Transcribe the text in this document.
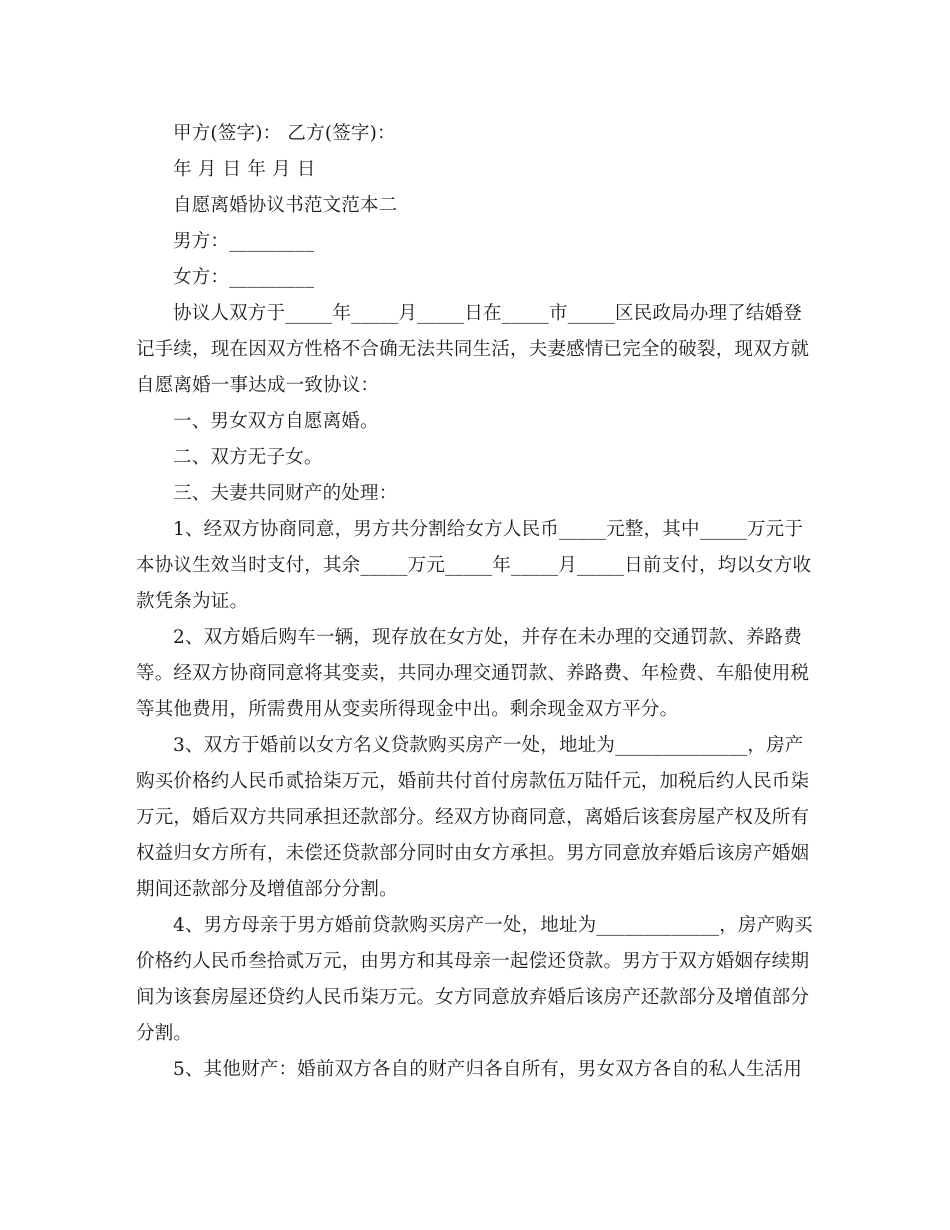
甲方(签字)： 乙方(签字)：

年 月 日 年 月 日

自愿离婚协议书范文范本二

男方：_________

女方：_________

协议人双方于_____年_____月_____日在_____市_____区民政局办理了结婚登记手续，现在因双方性格不合确无法共同生活，夫妻感情已完全的破裂，现双方就自愿离婚一事达成一致协议：

一、男女双方自愿离婚。

二、双方无子女。

三、夫妻共同财产的处理：

1、经双方协商同意，男方共分割给女方人民币_____元整，其中_____万元于本协议生效当时支付，其余_____万元_____年_____月_____日前支付，均以女方收款凭条为证。

2、双方婚后购车一辆，现存放在女方处，并存在未办理的交通罚款、养路费等。经双方协商同意将其变卖，共同办理交通罚款、养路费、年检费、车船使用税等其他费用，所需费用从变卖所得现金中出。剩余现金双方平分。

3、双方于婚前以女方名义贷款购买房产一处，地址为______________，房产购买价格约人民币贰拾柒万元，婚前共付首付房款伍万陆仟元，加税后约人民币柒万元，婚后双方共同承担还款部分。经双方协商同意，离婚后该套房屋产权及所有权益归女方所有，未偿还贷款部分同时由女方承担。男方同意放弃婚后该房产婚姻期间还款部分及增值部分分割。

4、男方母亲于男方婚前贷款购买房产一处，地址为_____________，房产购买价格约人民币叁拾贰万元，由男方和其母亲一起偿还贷款。男方于双方婚姻存续期间为该套房屋还贷约人民币柒万元。女方同意放弃婚后该房产还款部分及增值部分分割。

5、其他财产：婚前双方各自的财产归各自所有，男女双方各自的私人生活用
